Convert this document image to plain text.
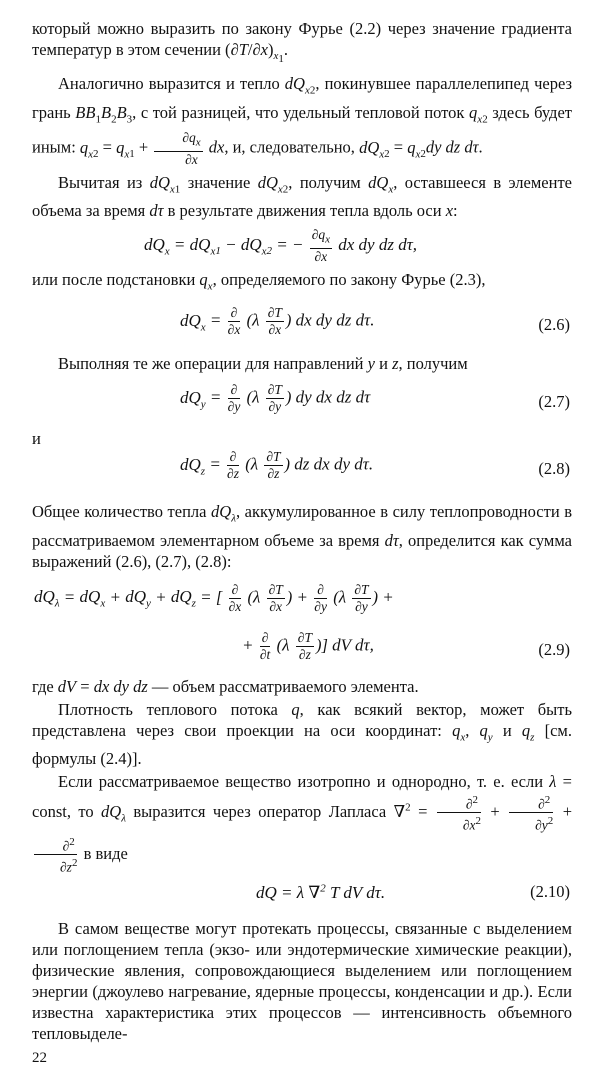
который можно выразить по закону Фурье (2.2) через значение градиента температур в этом сечении $(\partial T/\partial x)_{x_1}$.

Аналогично выразится и тепло $dQ_{x2}$, покинувшее параллелепипед через грань $BB_1B_2B_3$, с той разницей, что удельный тепловой поток $q_{x2}$ здесь будет иным: $q_{x2} = q_{x1} + \frac{\partial q_x}{\partial x}$ dx, и, следовательно, $dQ_{x2} = q_{x2}dy$ dz dτ.

Вычитая из $dQ_{x1}$ значение $dQ_{x2}$, получим $dQ_x$, оставшееся в элементе объема за время dτ в результате движения тепла вдоль оси x:

$dQ_x = dQ_{x1} - dQ_{x2}$ = − $\frac{\partial q_x}{\partial x}$ dx dy dz dτ,

или после подстановки $q_x$, определяемого по закону Фурье (2.3),

$dQ_x = \frac{\partial}{\partial x} (\lambda \frac{\partial T}{\partial x}$ ) dx dy dz dτ.	(2.6)

Выполняя те же операции для направлений y и z, получим

$dQ_y = \frac{\partial}{\partial y} (\lambda \frac{\partial T}{\partial y}$ ) dy dx dz dτ	(2.7)

и

$dQ_z = \frac{\partial}{\partial z} (\lambda \frac{\partial T}{\partial z}$ ) dz dx dy dτ.	(2.8)

Общее количество тепла $dQ_\lambda$, аккумулированное в силу теплопроводности в рассматриваемом элементарном объеме за время dτ, определится как сумма выражений (2.6), (2.7), (2.8):

$dQ_\lambda = dQ_x + dQ_y + dQ_z$ = [ $\frac{\partial}{\partial x} (\lambda \frac{\partial T}{\partial x}$ ) + $\frac{\partial}{\partial y} (\lambda \frac{\partial T}{\partial y}$ ) +
+ $\frac{\partial}{\partial t} (\lambda \frac{\partial T}{\partial z}$ )] dV dτ,	(2.9)

где dV = dx dy dz — объем рассматриваемого элемента.

Плотность теплового потока q, как всякий вектор, может быть представлена через свои проекции на оси координат: $q_x$, $q_y$ и $q_z$ [см. формулы (2.4)].

Если рассматриваемое вещество изотропно и однородно, т. е. если λ = const, то $dQ_\lambda$ выразится через оператор Лапласа $\nabla^2 = \frac{\partial^2}{\partial x^2} + \frac{\partial^2}{\partial y^2}$ +
$\frac{\partial^2}{\partial z^2}$ в виде

dQ = λ ∇$^2$ T dV dτ.	(2.10)

В самом веществе могут протекать процессы, связанные с выделением или поглощением тепла (экзо- или эндотермические химические реакции), физические явления, сопровождающиеся выделением или поглощением энергии (джоулево нагревание, ядерные процессы, конденсации и др.). Если известна характеристика этих процессов — интенсивность объемного тепловыделе-

22
